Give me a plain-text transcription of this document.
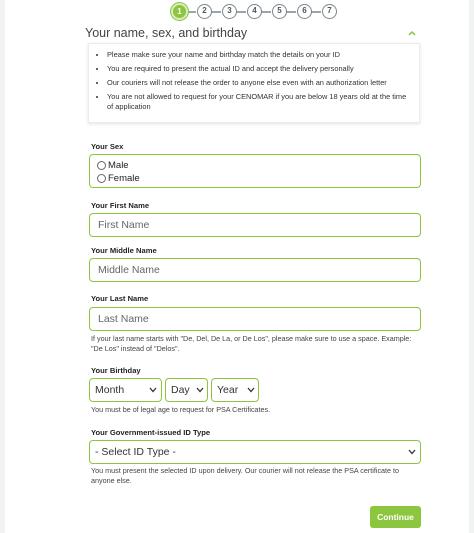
1	2	3	4	5	6	7
Your name, sex, and birthday
• Please make sure your name and birthday match the details on your ID
• You are required to present the actual ID and accept the delivery personally
• Our couriers will not release the order to anyone else even with an authorization letter
• You are not allowed to request for your CENOMAR if you are below 18 years old at the time of application
Your Sex
Male
Female
Your First Name
First Name
Your Middle Name
Middle Name
Your Last Name
Last Name
If your last name starts with "De, Del, De La, or De Los", please make sure to use a space. Example: "De Los" instead of "Delos".
Your Birthday
Month	Day	Year
You must be of legal age to request for PSA Certificates.
Your Government-issued ID Type
- Select ID Type -
You must present the selected ID upon delivery. Our courier will not release the PSA certificate to anyone else.
Continue
